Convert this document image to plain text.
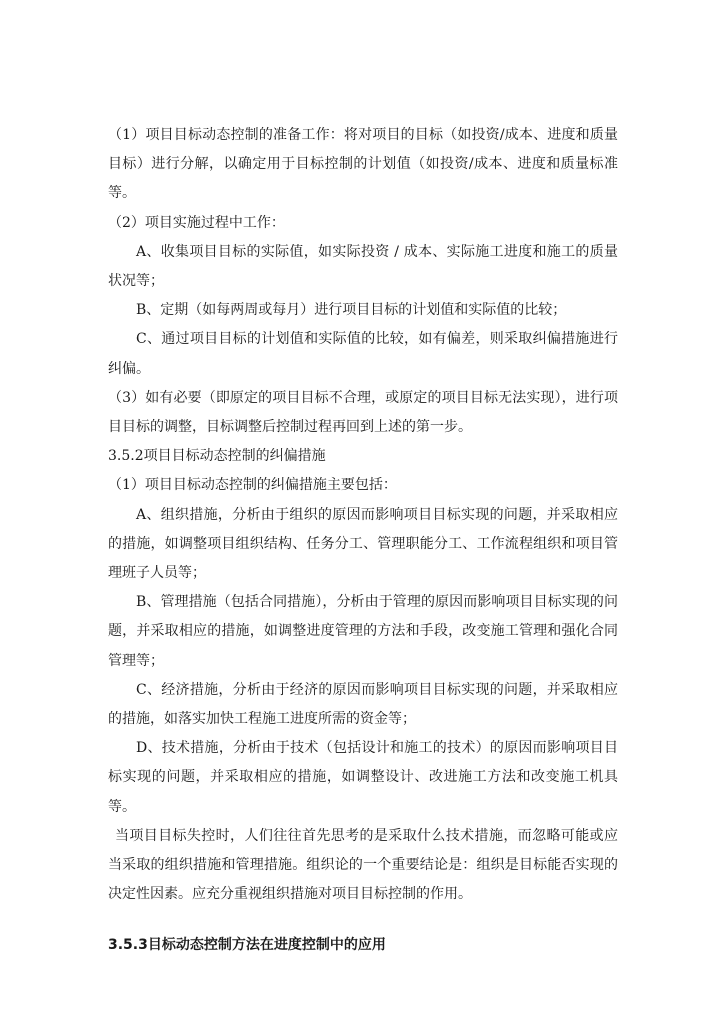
（1）项目目标动态控制的准备工作：将对项目的目标（如投资/成本、进度和质量目标）进行分解，以确定用于目标控制的计划值（如投资/成本、进度和质量标准等。

（2）项目实施过程中工作：

A、收集项目目标的实际值，如实际投资 / 成本、实际施工进度和施工的质量状况等；

B、定期（如每两周或每月）进行项目目标的计划值和实际值的比较；

C、通过项目目标的计划值和实际值的比较，如有偏差，则采取纠偏措施进行纠偏。

（3）如有必要（即原定的项目目标不合理，或原定的项目目标无法实现），进行项目目标的调整，目标调整后控制过程再回到上述的第一步。

3.5.2项目目标动态控制的纠偏措施

（1）项目目标动态控制的纠偏措施主要包括：

A、组织措施，分析由于组织的原因而影响项目目标实现的问题，并采取相应的措施，如调整项目组织结构、任务分工、管理职能分工、工作流程组织和项目管理班子人员等；

B、管理措施（包括合同措施），分析由于管理的原因而影响项目目标实现的问题，并采取相应的措施，如调整进度管理的方法和手段，改变施工管理和强化合同管理等；

C、经济措施，分析由于经济的原因而影响项目目标实现的问题，并采取相应的措施，如落实加快工程施工进度所需的资金等；

D、技术措施，分析由于技术（包括设计和施工的技术）的原因而影响项目目标实现的问题，并采取相应的措施，如调整设计、改进施工方法和改变施工机具等。

当项目目标失控时，人们往往首先思考的是采取什么技术措施，而忽略可能或应当采取的组织措施和管理措施。组织论的一个重要结论是：组织是目标能否实现的决定性因素。应充分重视组织措施对项目目标控制的作用。

3.5.3目标动态控制方法在进度控制中的应用
